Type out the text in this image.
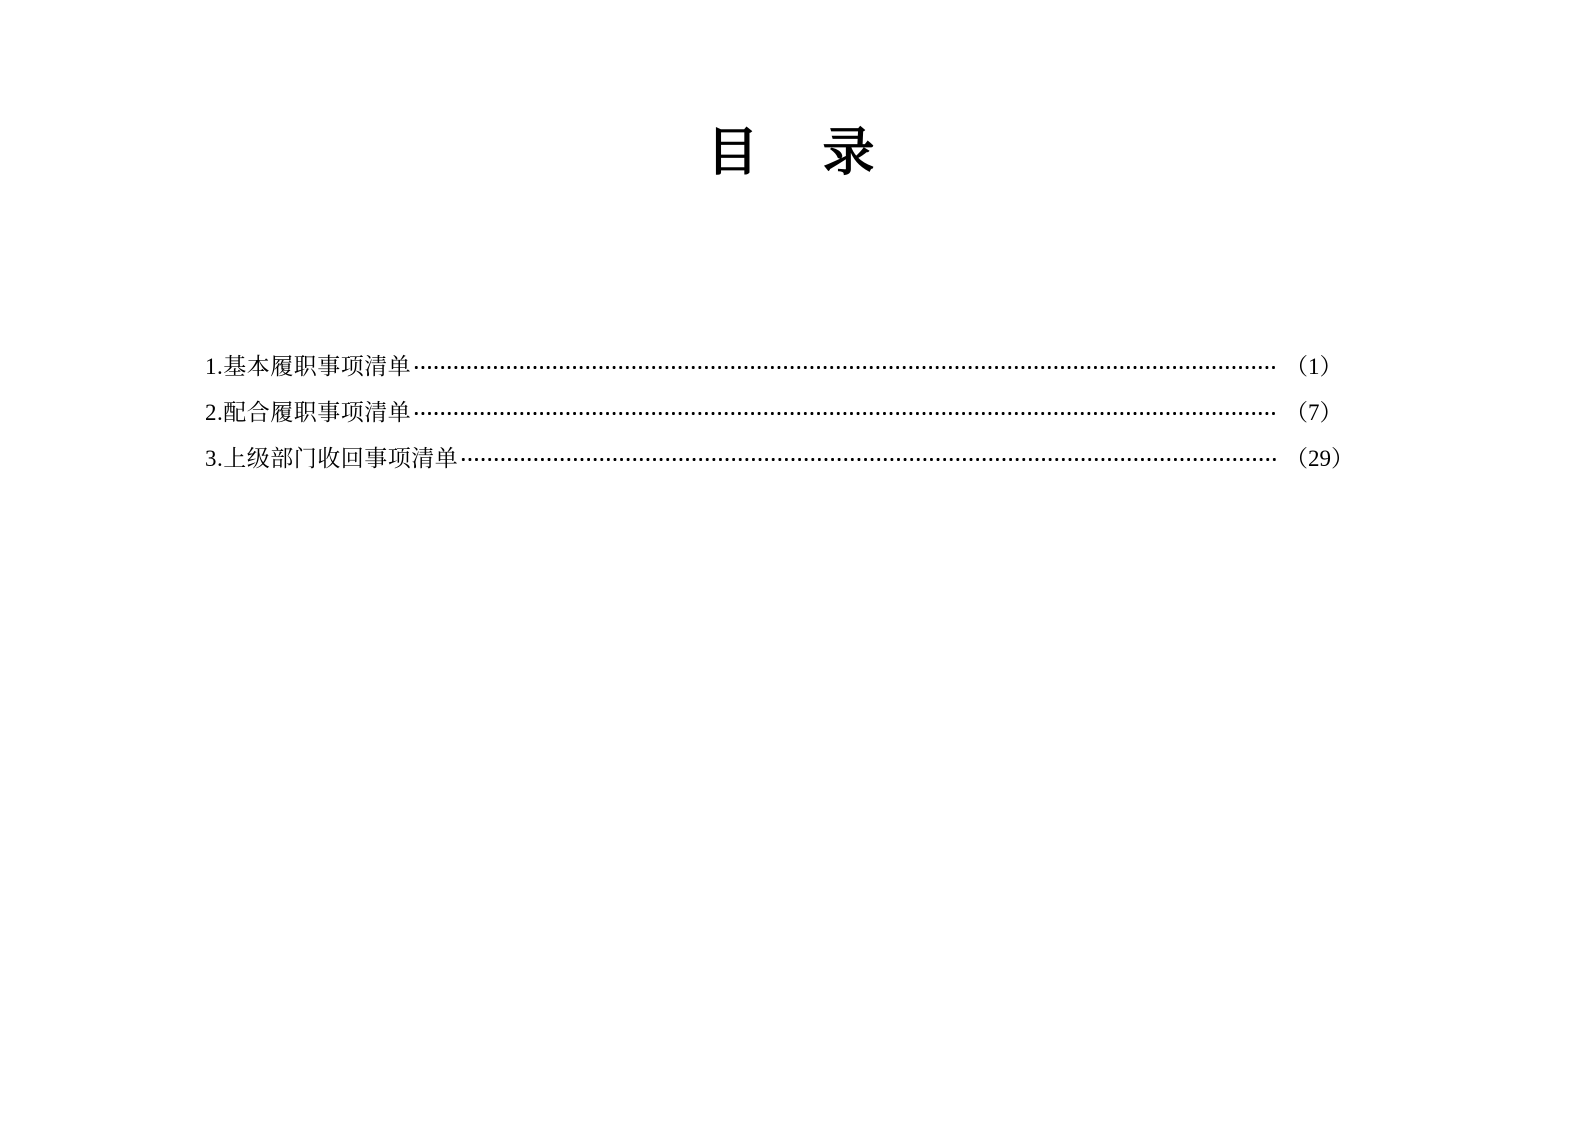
目　录
1.基本履职事项清单	（1）
2.配合履职事项清单	（7）
3.上级部门收回事项清单	（29）
